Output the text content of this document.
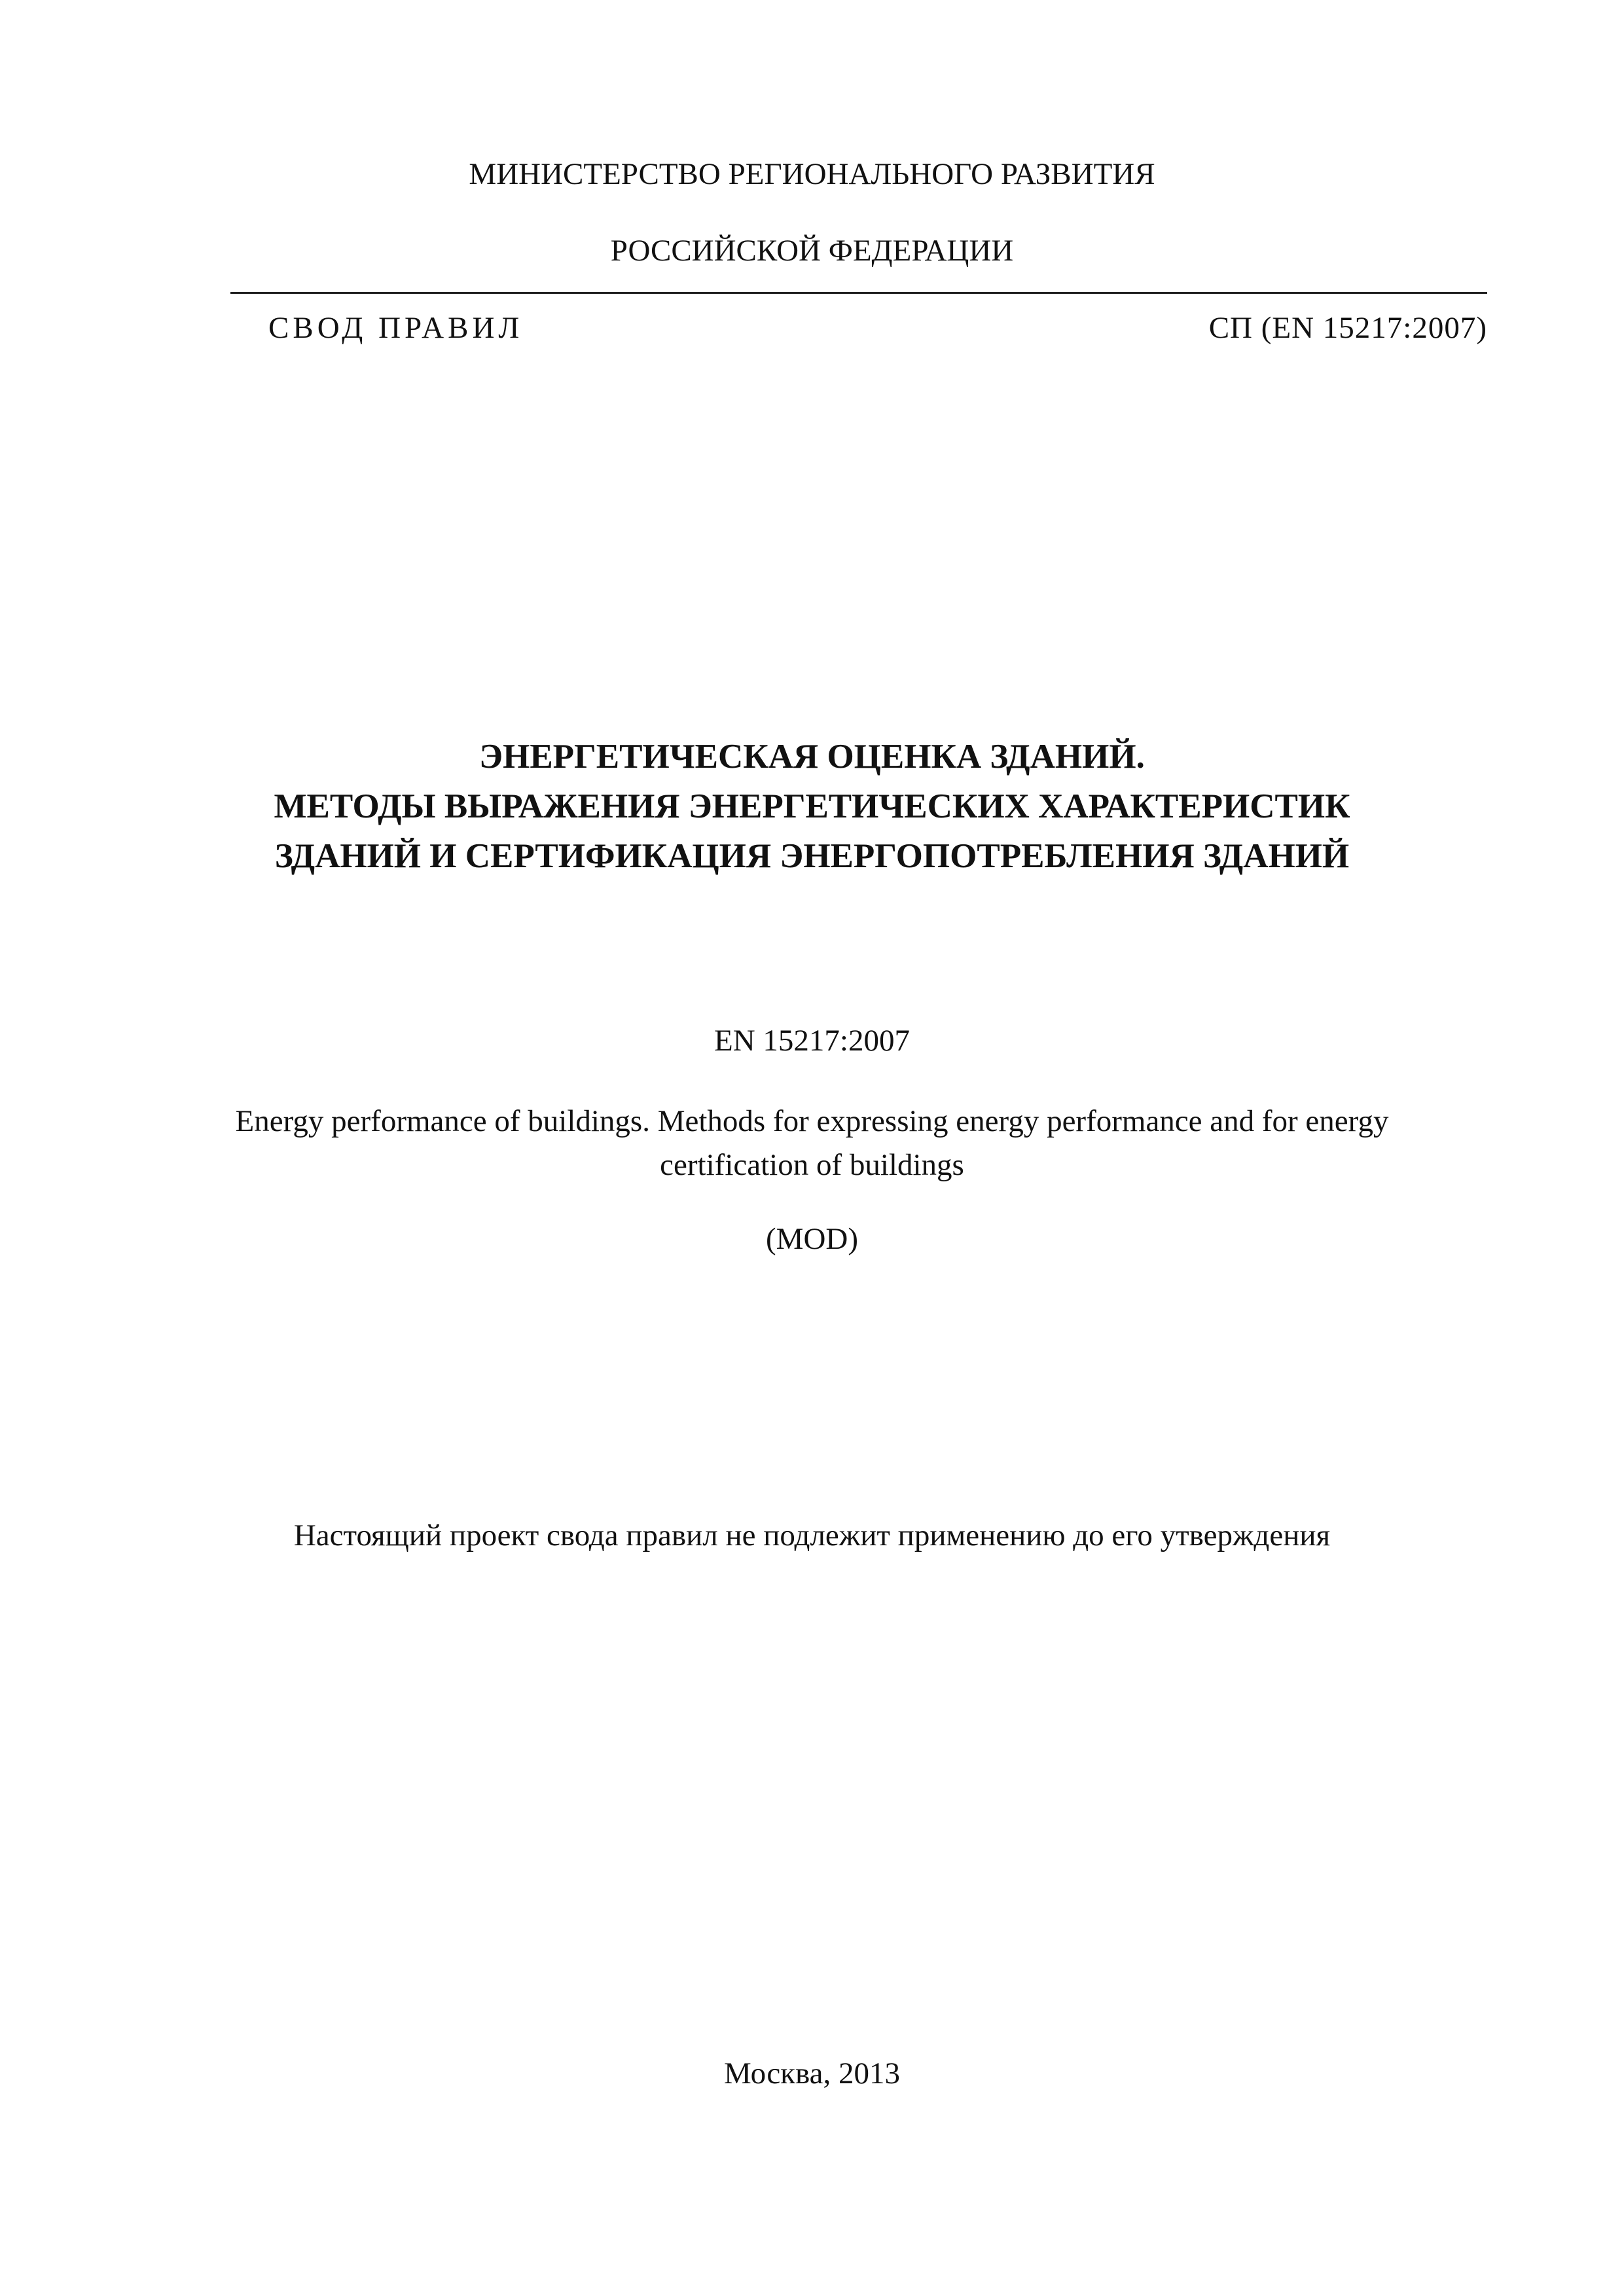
МИНИСТЕРСТВО РЕГИОНАЛЬНОГО РАЗВИТИЯ
РОССИЙСКОЙ ФЕДЕРАЦИИ
СВОД ПРАВИЛ	СП (EN 15217:2007)
ЭНЕРГЕТИЧЕСКАЯ ОЦЕНКА ЗДАНИЙ.
МЕТОДЫ ВЫРАЖЕНИЯ ЭНЕРГЕТИЧЕСКИХ ХАРАКТЕРИСТИК
ЗДАНИЙ И СЕРТИФИКАЦИЯ ЭНЕРГОПОТРЕБЛЕНИЯ ЗДАНИЙ
EN 15217:2007
Energy performance of buildings. Methods for expressing energy performance and for energy certification of buildings
(MOD)
Настоящий проект свода правил не подлежит применению до его утверждения
Москва, 2013
